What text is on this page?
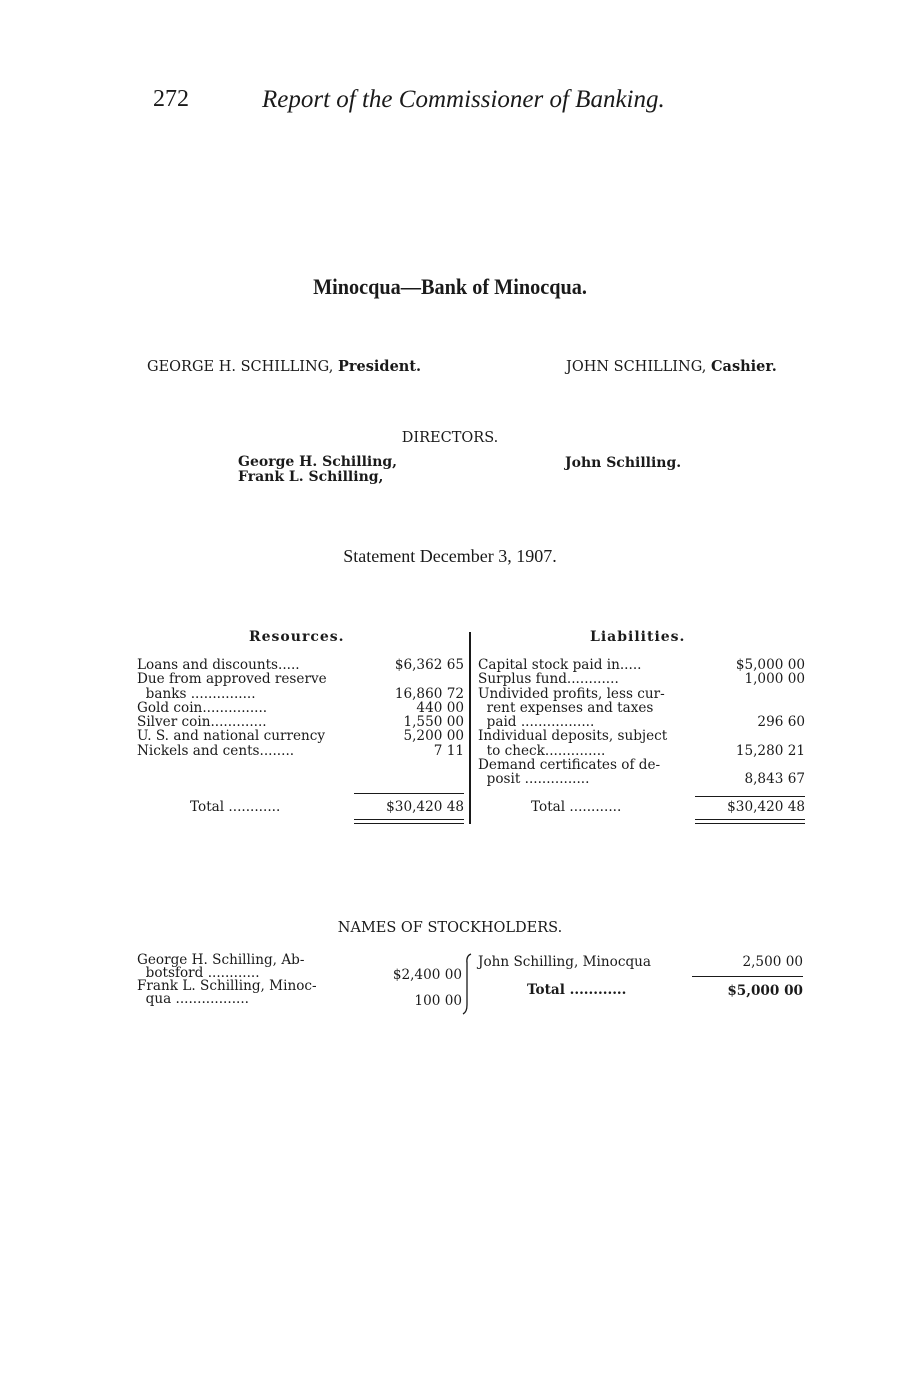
272	Report of the Commissioner of Banking.
Minocqua—Bank of Minocqua.
GEORGE H. SCHILLING, President.	JOHN SCHILLING, Cashier.
DIRECTORS.
George H. Schilling,
Frank L. Schilling,
John Schilling.
Statement December 3, 1907.
Resources.	Liabilities.
Loans and discounts.....	$6,362 65
Due from approved reserve
banks ...............	16,860 72
Gold coin...............	440 00
Silver coin.............	1,550 00
U. S. and national currency	5,200 00
Nickels and cents........	7 11
Total ............	$30,420 48
Capital stock paid in.....	$5,000 00
Surplus fund............	1,000 00
Undivided profits, less cur-
rent expenses and taxes
paid .................	296 60
Individual deposits, subject
to check..............	15,280 21
Demand certificates of de-
posit ...............	8,843 67
Total ............	$30,420 48
NAMES OF STOCKHOLDERS.
George H. Schilling, Ab-
botsford ............	$2,400 00
Frank L. Schilling, Minoc-
qua .................	100 00
John Schilling, Minocqua	2,500 00
Total ............	$5,000 00
